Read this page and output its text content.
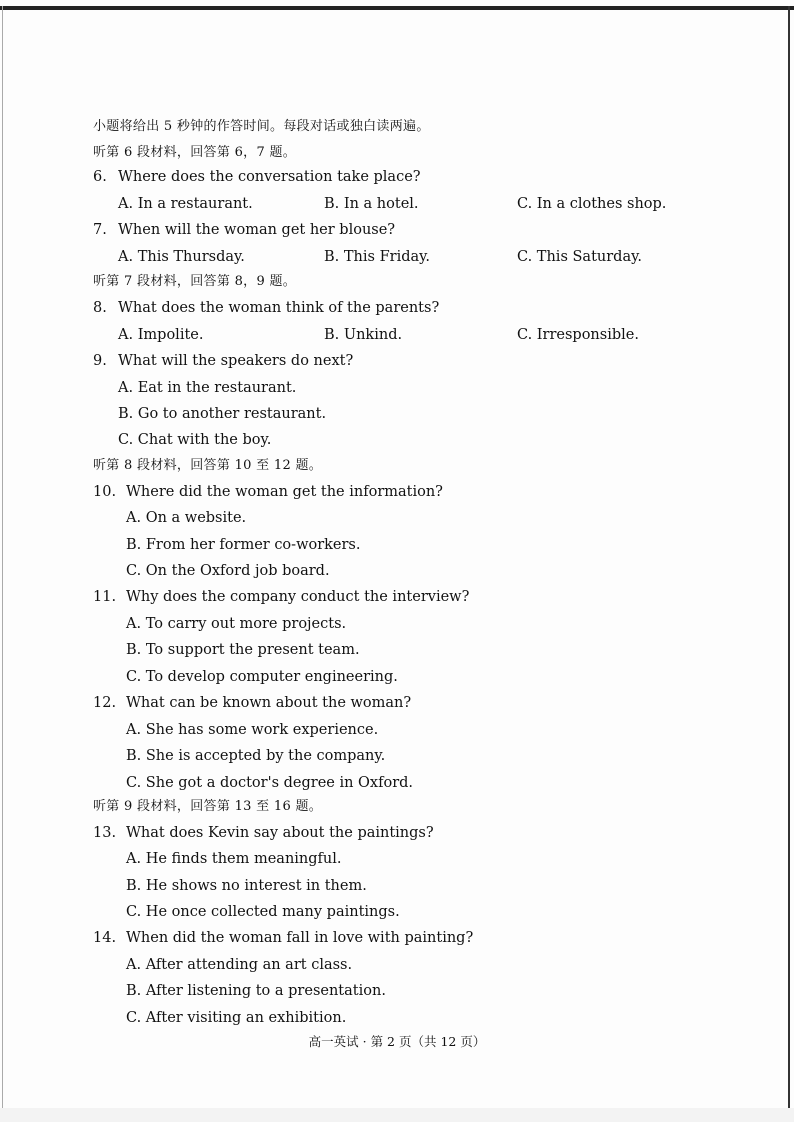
小题将给出 5 秒钟的作答时间。每段对话或独白读两遍。
听第 6 段材料，回答第 6，7 题。
6. Where does the conversation take place?
A. In a restaurant.	B. In a hotel.	C. In a clothes shop.
7. When will the woman get her blouse?
A. This Thursday.	B. This Friday.	C. This Saturday.
听第 7 段材料，回答第 8，9 题。
8. What does the woman think of the parents?
A. Impolite.	B. Unkind.	C. Irresponsible.
9. What will the speakers do next?
A. Eat in the restaurant.
B. Go to another restaurant.
C. Chat with the boy.
听第 8 段材料，回答第 10 至 12 题。
10. Where did the woman get the information?
A. On a website.
B. From her former co-workers.
C. On the Oxford job board.
11. Why does the company conduct the interview?
A. To carry out more projects.
B. To support the present team.
C. To develop computer engineering.
12. What can be known about the woman?
A. She has some work experience.
B. She is accepted by the company.
C. She got a doctor's degree in Oxford.
听第 9 段材料，回答第 13 至 16 题。
13. What does Kevin say about the paintings?
A. He finds them meaningful.
B. He shows no interest in them.
C. He once collected many paintings.
14. When did the woman fall in love with painting?
A. After attending an art class.
B. After listening to a presentation.
C. After visiting an exhibition.
高一英试 · 第 2 页（共 12 页）
